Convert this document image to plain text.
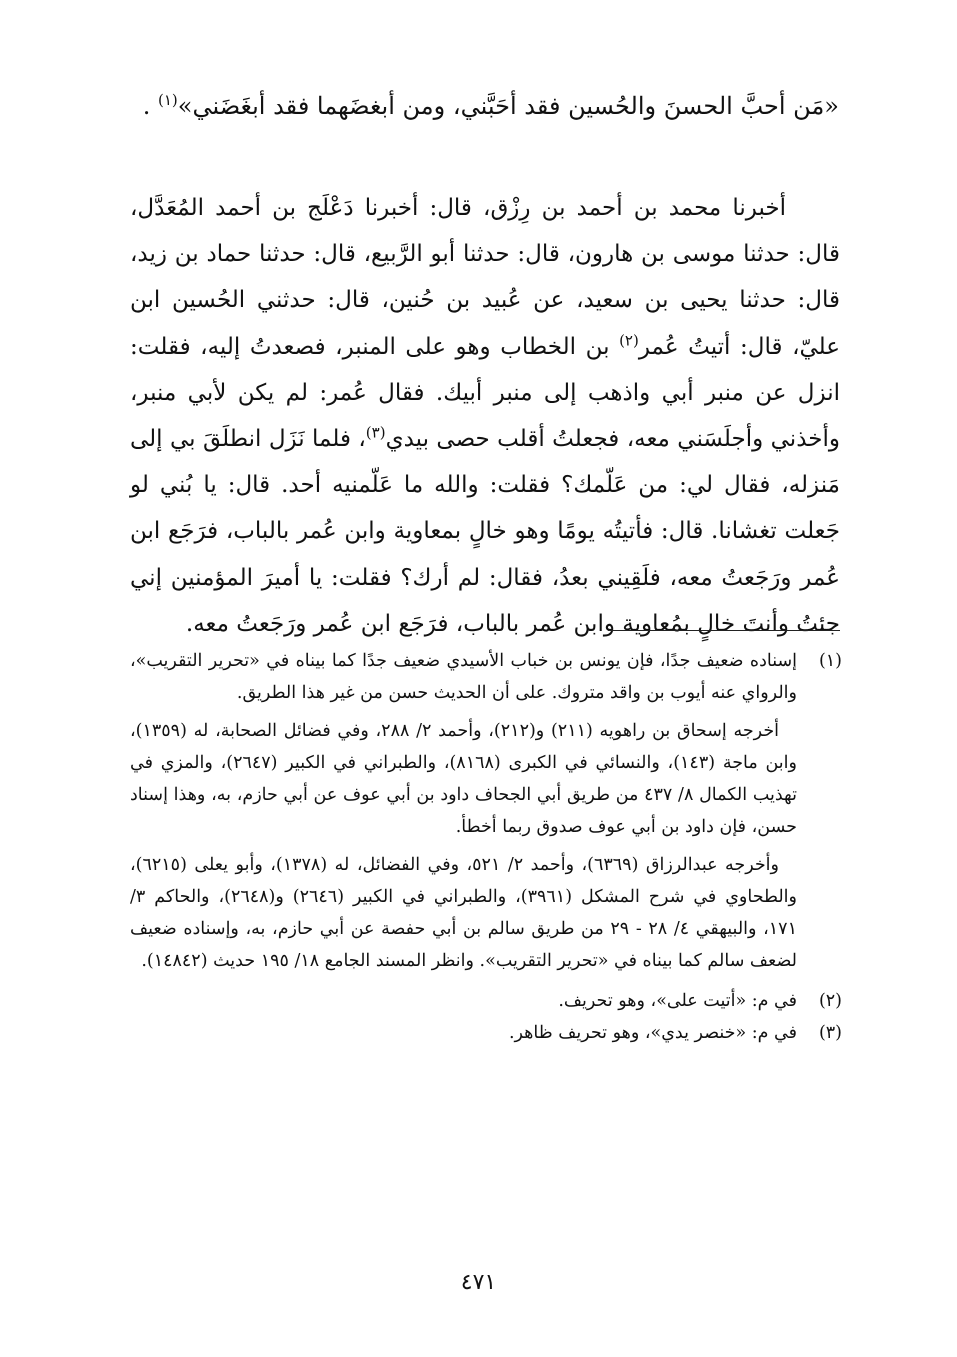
«مَن أحبَّ الحسنَ والحُسين فقد أحَبَّني، ومن أبغضَهما فقد أبغَضَني»$^{(١)}$ .

أخبرنا محمد بن أحمد بن رِزْق، قال: أخبرنا دَعْلَج بن أحمد المُعَدَّل، قال: حدثنا موسى بن هارون، قال: حدثنا أبو الرَّبيع، قال: حدثنا حماد بن زيد، قال: حدثنا يحيى بن سعيد، عن عُبيد بن حُنين، قال: حدثني الحُسين ابن عليّ، قال: أتيتُ عُمر$^{(٢)}$ بن الخطاب وهو على المنبر، فصعدتُ إليه، فقلت: انزل عن منبر أبي واذهب إلى منبر أبيك. فقال عُمر: لم يكن لأبي منبر، وأخذني وأجلَسَني معه، فجعلتُ أقلب حصى بيدي$^{(٣)}$، فلما نَزَل انطلَقَ بي إلى مَنزله، فقال لي: من عَلّمك؟ فقلت: والله ما عَلّمنيه أحد. قال: يا بُني لو جَعلت تغشانا. قال: فأتيتُه يومًا وهو خالٍ بمعاوية وابن عُمر بالباب، فرَجَع ابن عُمر ورَجَعتُ معه، فلَقِيني بعدُ، فقال: لم أرك؟ فقلت: يا أميرَ المؤمنين إني جئتُ وأنتَ خالٍ بمُعاوية وابن عُمر بالباب، فرَجَع ابن عُمر ورَجَعتُ معه.

(١)

إسناده ضعيف جدًا، فإن يونس بن خباب الأسيدي ضعيف جدًا كما بيناه في «تحرير التقريب»، والرواي عنه أيوب بن واقد متروك. على أن الحديث حسن من غير هذا الطريق.

أخرجه إسحاق بن راهويه (٢١١) و(٢١٢)، وأحمد ٢/ ٢٨٨، وفي فضائل الصحابة، له (١٣٥٩)، وابن ماجة (١٤٣)، والنسائي في الكبرى (٨١٦٨)، والطبراني في الكبير (٢٦٤٧)، والمزي في تهذيب الكمال ٨/ ٤٣٧ من طريق أبي الجحاف داود بن أبي عوف عن أبي حازم، به، وهذا إسناد حسن، فإن داود بن أبي عوف صدوق ربما أخطأ.

وأخرجه عبدالرزاق (٦٣٦٩)، وأحمد ٢/ ٥٢١، وفي الفضائل، له (١٣٧٨)، وأبو يعلى (٦٢١٥)، والطحاوي في شرح المشكل (٣٩٦١)، والطبراني في الكبير (٢٦٤٦) و(٢٦٤٨)، والحاكم ٣/ ١٧١، والبيهقي ٤/ ٢٨ - ٢٩ من طريق سالم بن أبي حفصة عن أبي حازم، به، وإسناده ضعيف لضعف سالم كما بيناه في «تحرير التقريب». وانظر المسند الجامع ١٨/ ١٩٥ حديث (١٤٨٤٢).

(٢)
في م: «أتيت على»، وهو تحريف.
(٣)
في م: «خنصر يدي»، وهو تحريف ظاهر.
٤٧١
